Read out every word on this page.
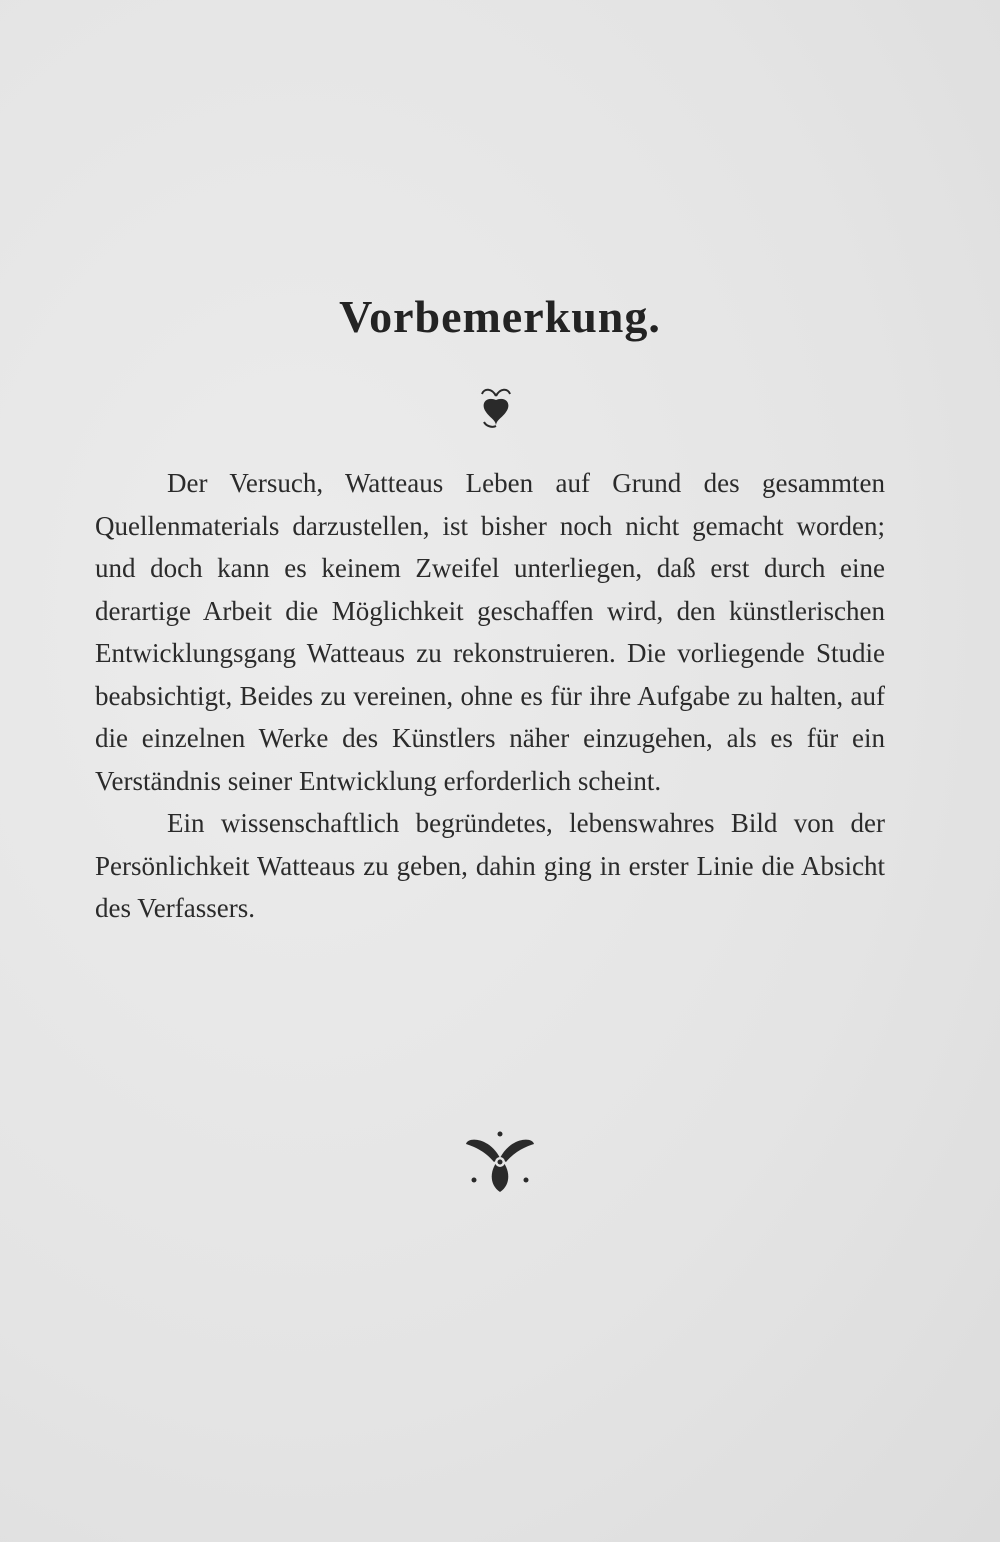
Vorbemerkung.

Der Versuch, Watteaus Leben auf Grund des gesammten Quellenmaterials darzustellen, ist bisher noch nicht gemacht worden; und doch kann es keinem Zweifel unterliegen, daß erst durch eine derartige Arbeit die Möglichkeit geschaffen wird, den künstlerischen Entwicklungsgang Watteaus zu rekonstruieren. Die vorliegende Studie beabsichtigt, Beides zu vereinen, ohne es für ihre Aufgabe zu halten, auf die einzelnen Werke des Künstlers näher einzugehen, als es für ein Verständnis seiner Entwicklung erforderlich scheint.

Ein wissenschaftlich begründetes, lebenswahres Bild von der Persönlichkeit Watteaus zu geben, dahin ging in erster Linie die Absicht des Verfassers.
